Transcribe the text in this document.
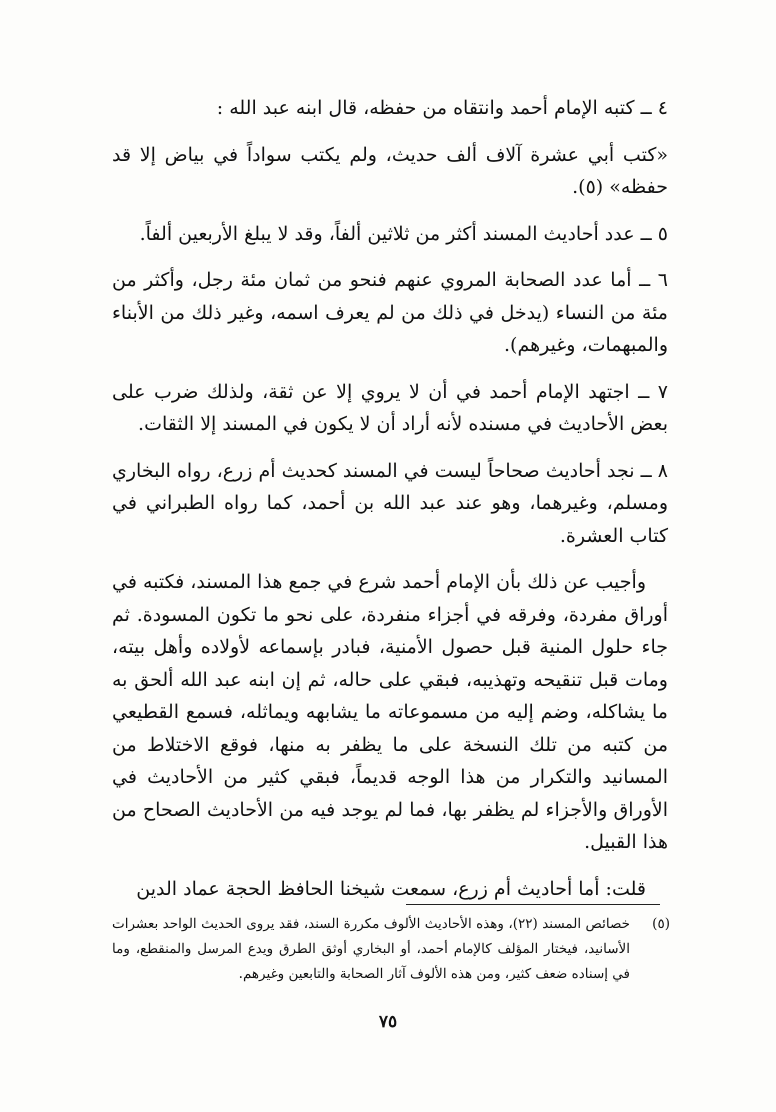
٤ ــ كتبه الإمام أحمد وانتقاه من حفظه، قال ابنه عبد الله :

«كتب أبي عشرة آلاف ألف حديث، ولم يكتب سواداً في بياض إلا قد حفظه» (٥).

٥ ــ عدد أحاديث المسند أكثر من ثلاثين ألفاً، وقد لا يبلغ الأربعين ألفاً.

٦ ــ أما عدد الصحابة المروي عنهم فنحو من ثمان مئة رجل، وأكثر من مئة من النساء (يدخل في ذلك من لم يعرف اسمه، وغير ذلك من الأبناء والمبهمات، وغيرهم).

٧ ــ اجتهد الإمام أحمد في أن لا يروي إلا عن ثقة، ولذلك ضرب على بعض الأحاديث في مسنده لأنه أراد أن لا يكون في المسند إلا الثقات.

٨ ــ نجد أحاديث صحاحاً ليست في المسند كحديث أم زرع، رواه البخاري ومسلم، وغيرهما، وهو عند عبد الله بن أحمد، كما رواه الطبراني في كتاب العشرة.

وأجيب عن ذلك بأن الإمام أحمد شرع في جمع هذا المسند، فكتبه في أوراق مفردة، وفرقه في أجزاء منفردة، على نحو ما تكون المسودة. ثم جاء حلول المنية قبل حصول الأمنية، فبادر بإسماعه لأولاده وأهل بيته، ومات قبل تنقيحه وتهذيبه، فبقي على حاله، ثم إن ابنه عبد الله ألحق به ما يشاكله، وضم إليه من مسموعاته ما يشابهه ويماثله، فسمع القطيعي من كتبه من تلك النسخة على ما يظفر به منها، فوقع الاختلاط من المسانيد والتكرار من هذا الوجه قديماً، فبقي كثير من الأحاديث في الأوراق والأجزاء لم يظفر بها، فما لم يوجد فيه من الأحاديث الصحاح من هذا القبيل.

قلت: أما أحاديث أم زرع، سمعت شيخنا الحافظ الحجة عماد الدين

(٥)
خصائص المسند (٢٢)، وهذه الأحاديث الألوف مكررة السند، فقد يروى الحديث الواحد بعشرات الأسانيد، فيختار المؤلف كالإمام أحمد، أو البخاري أوثق الطرق ويدع المرسل والمنقطع، وما في إسناده ضعف كثير، ومن هذه الألوف آثار الصحابة والتابعين وغيرهم.
٧٥
